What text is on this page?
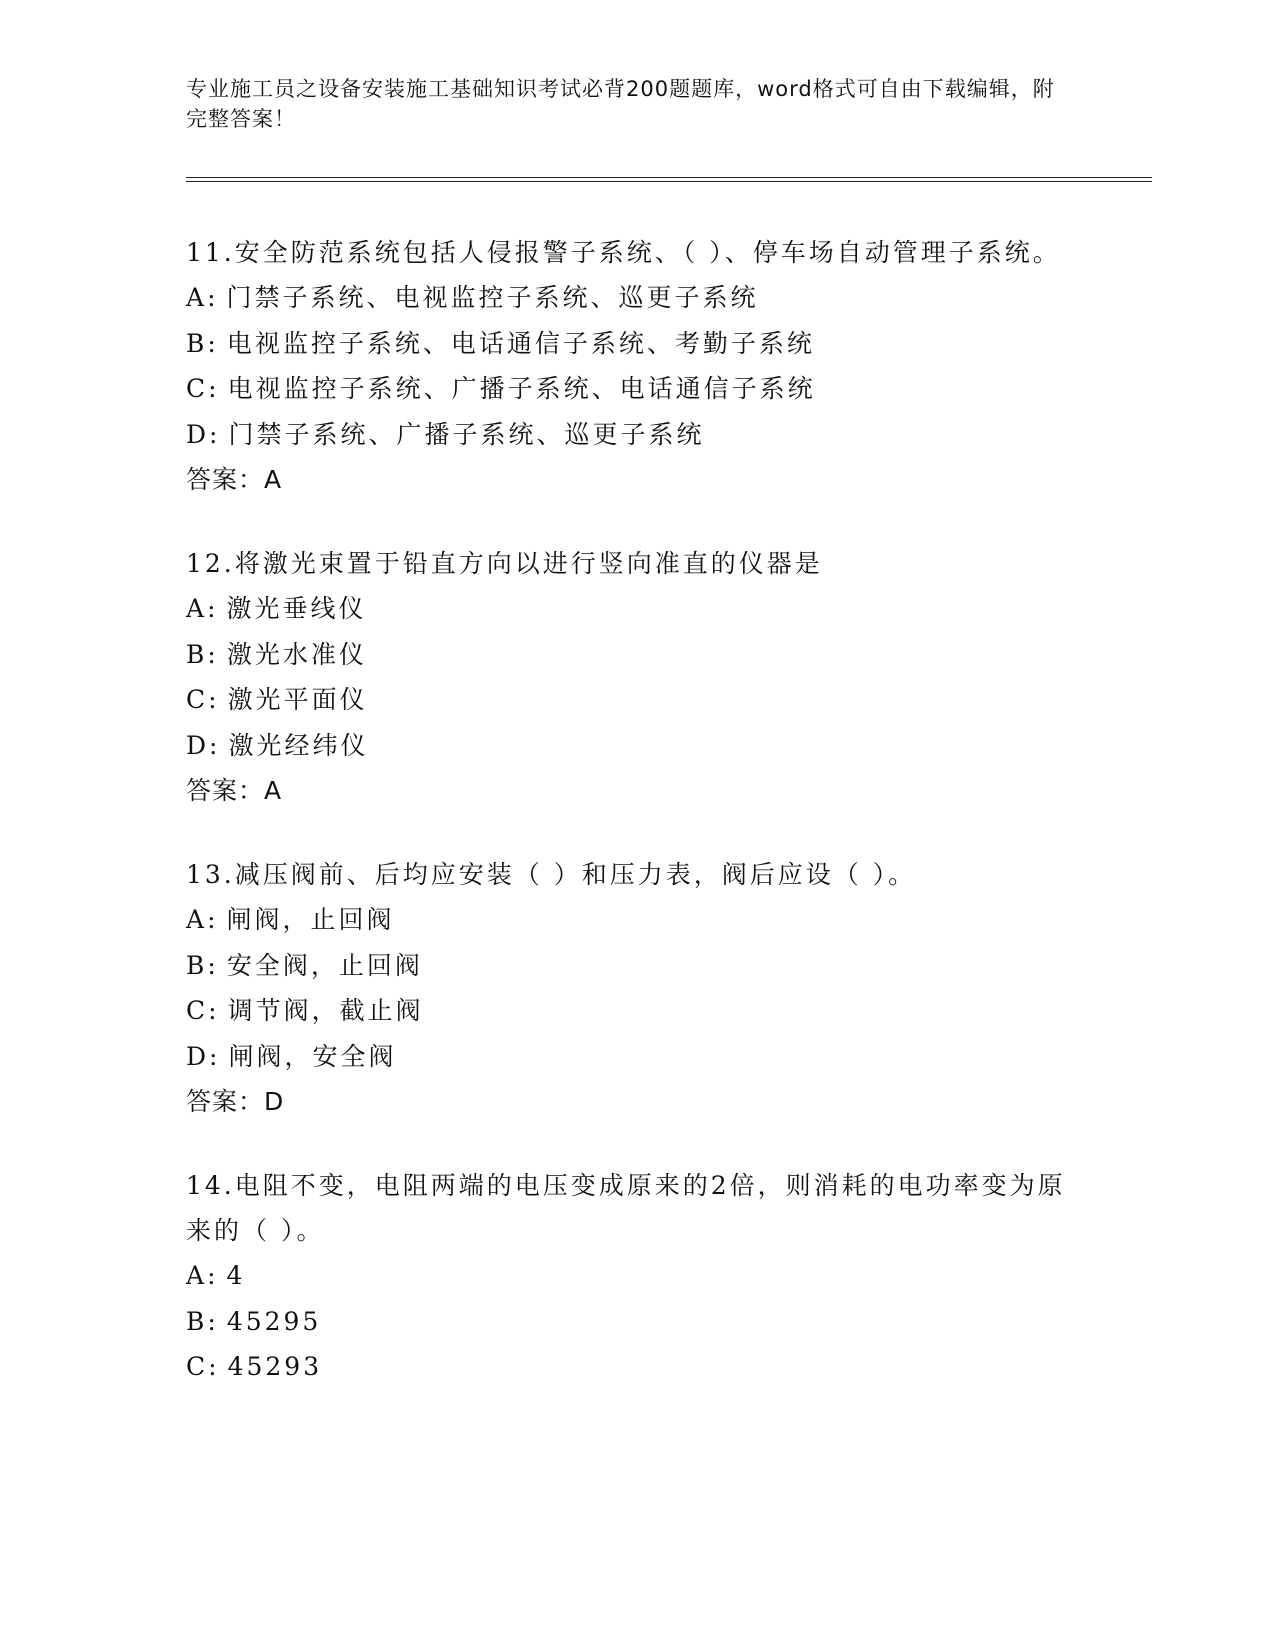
专业施工员之设备安装施工基础知识考试必背200题题库，word格式可自由下载编辑，附完整答案！

11.安全防范系统包括人侵报警子系统、（ ）、停车场自动管理子系统。

A: 门禁子系统、电视监控子系统、巡更子系统

B: 电视监控子系统、电话通信子系统、考勤子系统

C: 电视监控子系统、广播子系统、电话通信子系统

D: 门禁子系统、广播子系统、巡更子系统

答案：A

12.将激光束置于铅直方向以进行竖向准直的仪器是

A: 激光垂线仪

B: 激光水准仪

C: 激光平面仪

D: 激光经纬仪

答案：A

13.减压阀前、后均应安装（ ）和压力表，阀后应设（ ）。

A: 闸阀，止回阀

B: 安全阀，止回阀

C: 调节阀，截止阀

D: 闸阀，安全阀

答案：D

14.电阻不变，电阻两端的电压变成原来的2倍，则消耗的电功率变为原来的（ ）。

A: 4

B: 45295

C: 45293
